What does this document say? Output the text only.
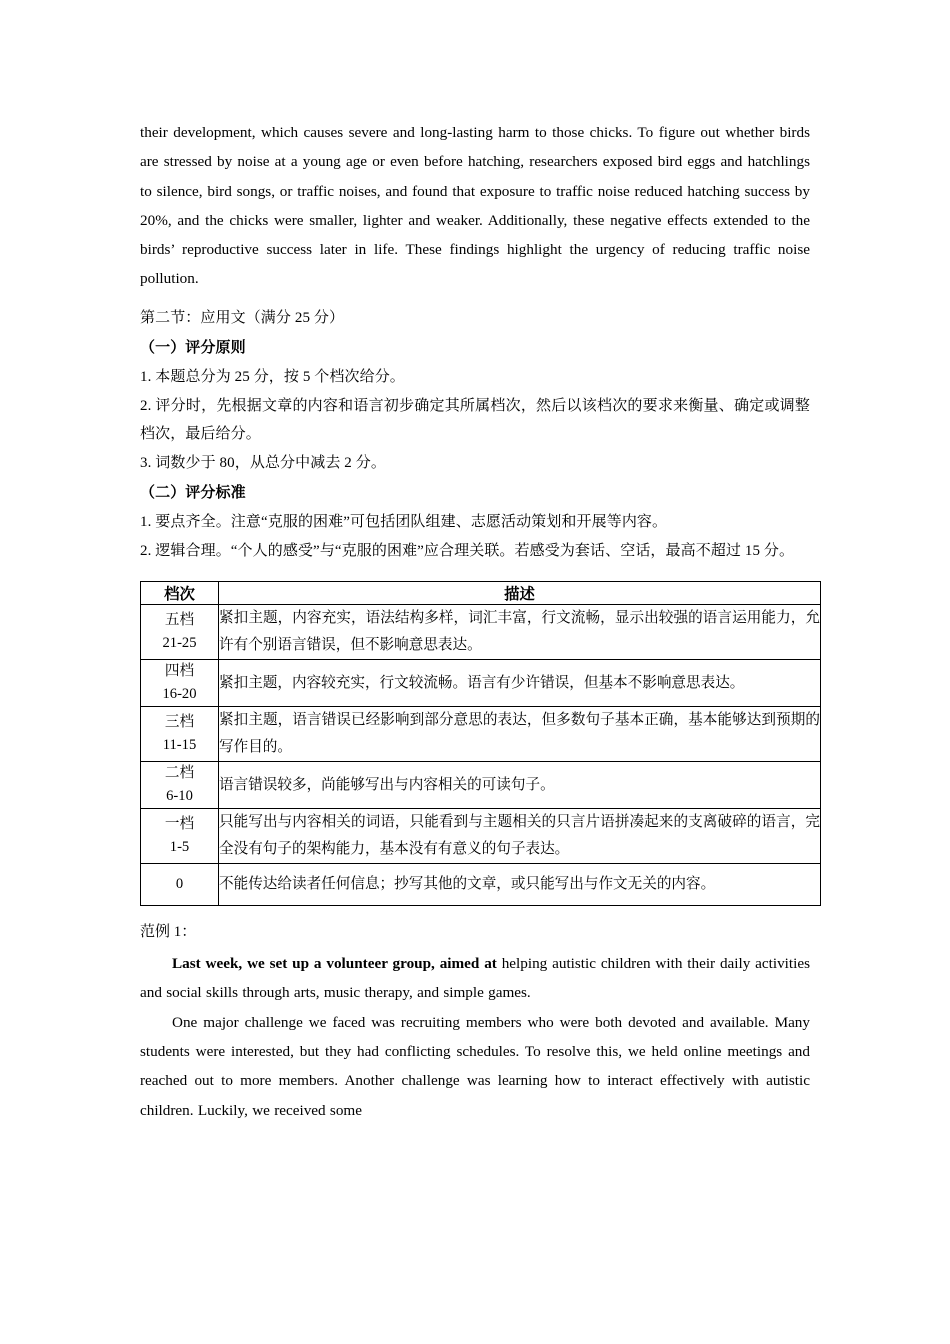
their development, which causes severe and long-lasting harm to those chicks. To figure out whether birds are stressed by noise at a young age or even before hatching, researchers exposed bird eggs and hatchlings to silence, bird songs, or traffic noises, and found that exposure to traffic noise reduced hatching success by 20%, and the chicks were smaller, lighter and weaker. Additionally, these negative effects extended to the birds’ reproductive success later in life. These findings highlight the urgency of reducing traffic noise pollution.

第二节：应用文（满分 25 分）

（一）评分原则

1. 本题总分为 25 分，按 5 个档次给分。

2. 评分时，先根据文章的内容和语言初步确定其所属档次，然后以该档次的要求来衡量、确定或调整档次，最后给分。

3. 词数少于 80，从总分中减去 2 分。

（二）评分标准

1. 要点齐全。注意“克服的困难”可包括团队组建、志愿活动策划和开展等内容。

2. 逻辑合理。“个人的感受”与“克服的困难”应合理关联。若感受为套话、空话，最高不超过 15 分。

档次	描述

五档
21-25	紧扣主题，内容充实，语法结构多样，词汇丰富，行文流畅，显示出较强的语言运用能力，允许有个别语言错误，但不影响意思表达。

四档
16-20	紧扣主题，内容较充实，行文较流畅。语言有少许错误，但基本不影响意思表达。

三档
11-15	紧扣主题，语言错误已经影响到部分意思的表达，但多数句子基本正确，基本能够达到预期的写作目的。

二档
6-10	语言错误较多，尚能够写出与内容相关的可读句子。

一档
1-5	只能写出与内容相关的词语，只能看到与主题相关的只言片语拼凑起来的支离破碎的语言，完全没有句子的架构能力，基本没有有意义的句子表达。

0	不能传达给读者任何信息；抄写其他的文章，或只能写出与作文无关的内容。

范例 1：

Last week, we set up a volunteer group, aimed at helping autistic children with their daily activities and social skills through arts, music therapy, and simple games.

One major challenge we faced was recruiting members who were both devoted and available. Many students were interested, but they had conflicting schedules. To resolve this, we held online meetings and reached out to more members. Another challenge was learning how to interact effectively with autistic children. Luckily, we received some
